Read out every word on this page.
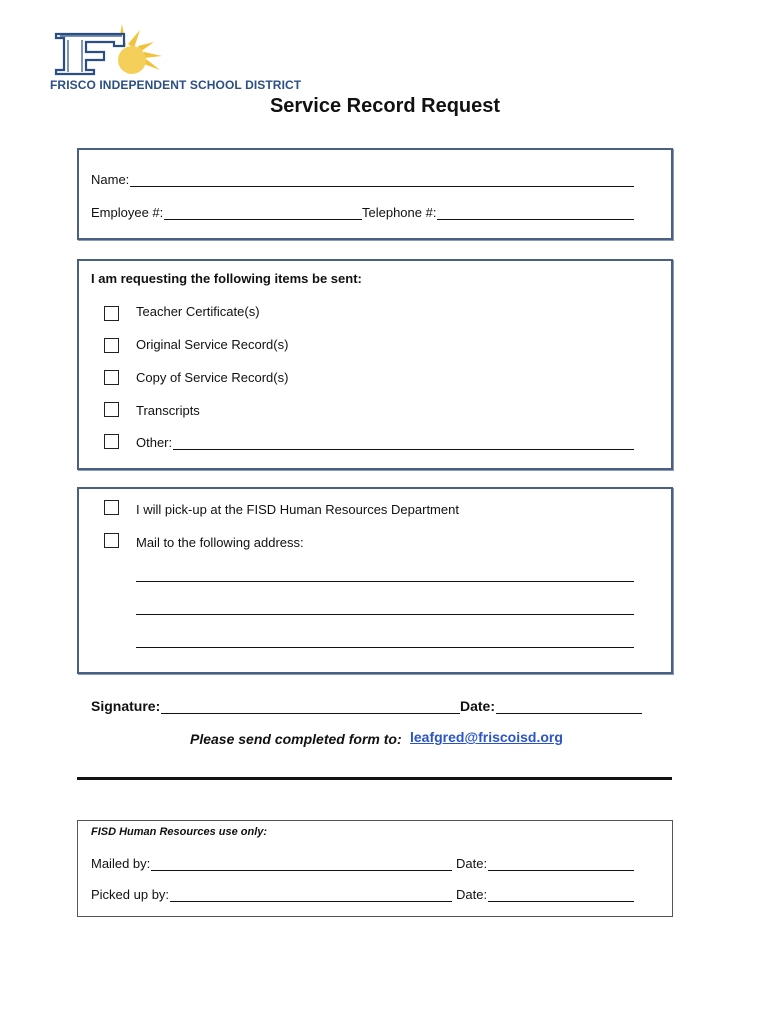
FRISCO INDEPENDENT SCHOOL DISTRICT
Service Record Request
Name:
Employee #:	Telephone #:
I am requesting the following items be sent:
Teacher Certificate(s)
Original Service Record(s)
Copy of Service Record(s)
Transcripts
Other:
I will pick-up at the FISD Human Resources Department
Mail to the following address:
Signature:	Date:
Please send completed form to: leafgred@friscoisd.org
FISD Human Resources use only:
Mailed by:	Date:
Picked up by:	Date:
